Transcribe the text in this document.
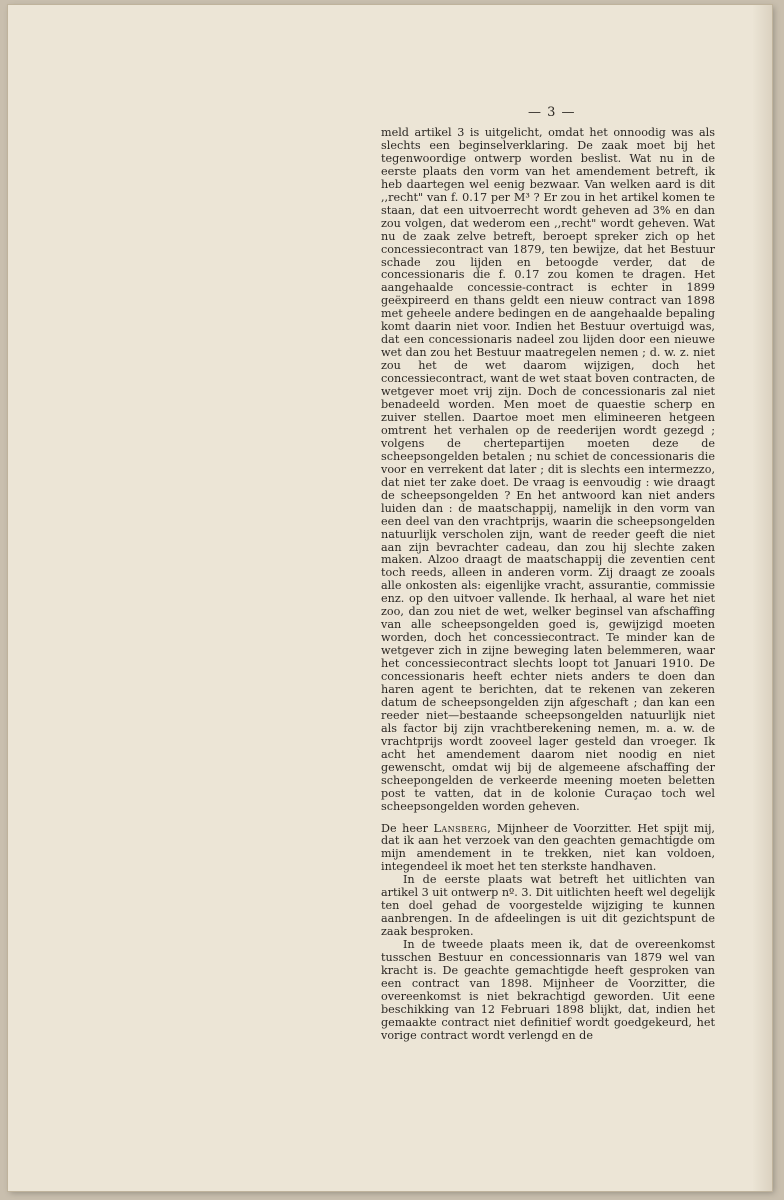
— 3 —

meld artikel 3 is uitgelicht, omdat het onnoodig was als slechts een beginselverklaring. De zaak moet bij het tegenwoordige ontwerp worden beslist. Wat nu in de eerste plaats den vorm van het amendement betreft, ik heb daartegen wel eenig bezwaar. Van welken aard is dit ,,recht" van f. 0.17 per M³ ? Er zou in het artikel komen te staan, dat een uitvoerrecht wordt geheven ad 3% en dan zou volgen, dat wederom een ,,recht" wordt geheven. Wat nu de zaak zelve betreft, beroept spreker zich op het concessiecontract van 1879, ten bewijze, dat het Bestuur schade zou lijden en betoogde verder, dat de concessionaris die f. 0.17 zou komen te dragen. Het aangehaalde concessie-contract is echter in 1899 geëxpireerd en thans geldt een nieuw contract van 1898 met geheele andere bedingen en de aangehaalde bepaling komt daarin niet voor. Indien het Bestuur overtuigd was, dat een concessionaris nadeel zou lijden door een nieuwe wet dan zou het Bestuur maatregelen nemen ; d. w. z. niet zou het de wet daarom wijzigen, doch het concessiecontract, want de wet staat boven contracten, de wetgever moet vrij zijn. Doch de concessionaris zal niet benadeeld worden. Men moet de quaestie scherp en zuiver stellen. Daartoe moet men elimineeren hetgeen omtrent het verhalen op de reederijen wordt gezegd ; volgens de chertepartijen moeten deze de scheepsongelden betalen ; nu schiet de concessionaris die voor en verrekent dat later ; dit is slechts een intermezzo, dat niet ter zake doet. De vraag is eenvoudig : wie draagt de scheepsongelden ? En het antwoord kan niet anders luiden dan : de maatschappij, namelijk in den vorm van een deel van den vrachtprijs, waarin die scheepsongelden natuurlijk verscholen zijn, want de reeder geeft die niet aan zijn bevrachter cadeau, dan zou hij slechte zaken maken. Alzoo draagt de maatschappij die zeventien cent toch reeds, alleen in anderen vorm. Zij draagt ze zooals alle onkosten als: eigenlijke vracht, assurantie, commissie enz. op den uitvoer vallende. Ik herhaal, al ware het niet zoo, dan zou niet de wet, welker beginsel van afschaffing van alle scheepsongelden goed is, gewijzigd moeten worden, doch het concessiecontract. Te minder kan de wetgever zich in zijne beweging laten belemmeren, waar het concessiecontract slechts loopt tot Januari 1910. De concessionaris heeft echter niets anders te doen dan haren agent te berichten, dat te rekenen van zekeren datum de scheepsongelden zijn afgeschaft ; dan kan een reeder niet—bestaande scheepsongelden natuurlijk niet als factor bij zijn vrachtberekening nemen, m. a. w. de vrachtprijs wordt zooveel lager gesteld dan vroeger. Ik acht het amendement daarom niet noodig en niet gewenscht, omdat wij bij de algemeene afschaffing der scheepongelden de verkeerde meening moeten beletten post te vatten, dat in de kolonie Curaçao toch wel scheepsongelden worden geheven.

De heer Lansberg, Mijnheer de Voorzitter. Het spijt mij, dat ik aan het verzoek van den geachten gemachtigde om mijn amendement in te trekken, niet kan voldoen, integendeel ik moet het ten sterkste handhaven.

In de eerste plaats wat betreft het uitlichten van artikel 3 uit ontwerp nº. 3. Dit uitlichten heeft wel degelijk ten doel gehad de voorgestelde wijziging te kunnen aanbrengen. In de afdeelingen is uit dit gezichtspunt de zaak besproken.

In de tweede plaats meen ik, dat de overeenkomst tusschen Bestuur en concessionnaris van 1879 wel van kracht is. De geachte gemachtigde heeft gesproken van een contract van 1898. Mijnheer de Voorzitter, die overeenkomst is niet bekrachtigd geworden. Uit eene beschikking van 12 Februari 1898 blijkt, dat, indien het gemaakte contract niet definitief wordt goedgekeurd, het vorige contract wordt verlengd en de
